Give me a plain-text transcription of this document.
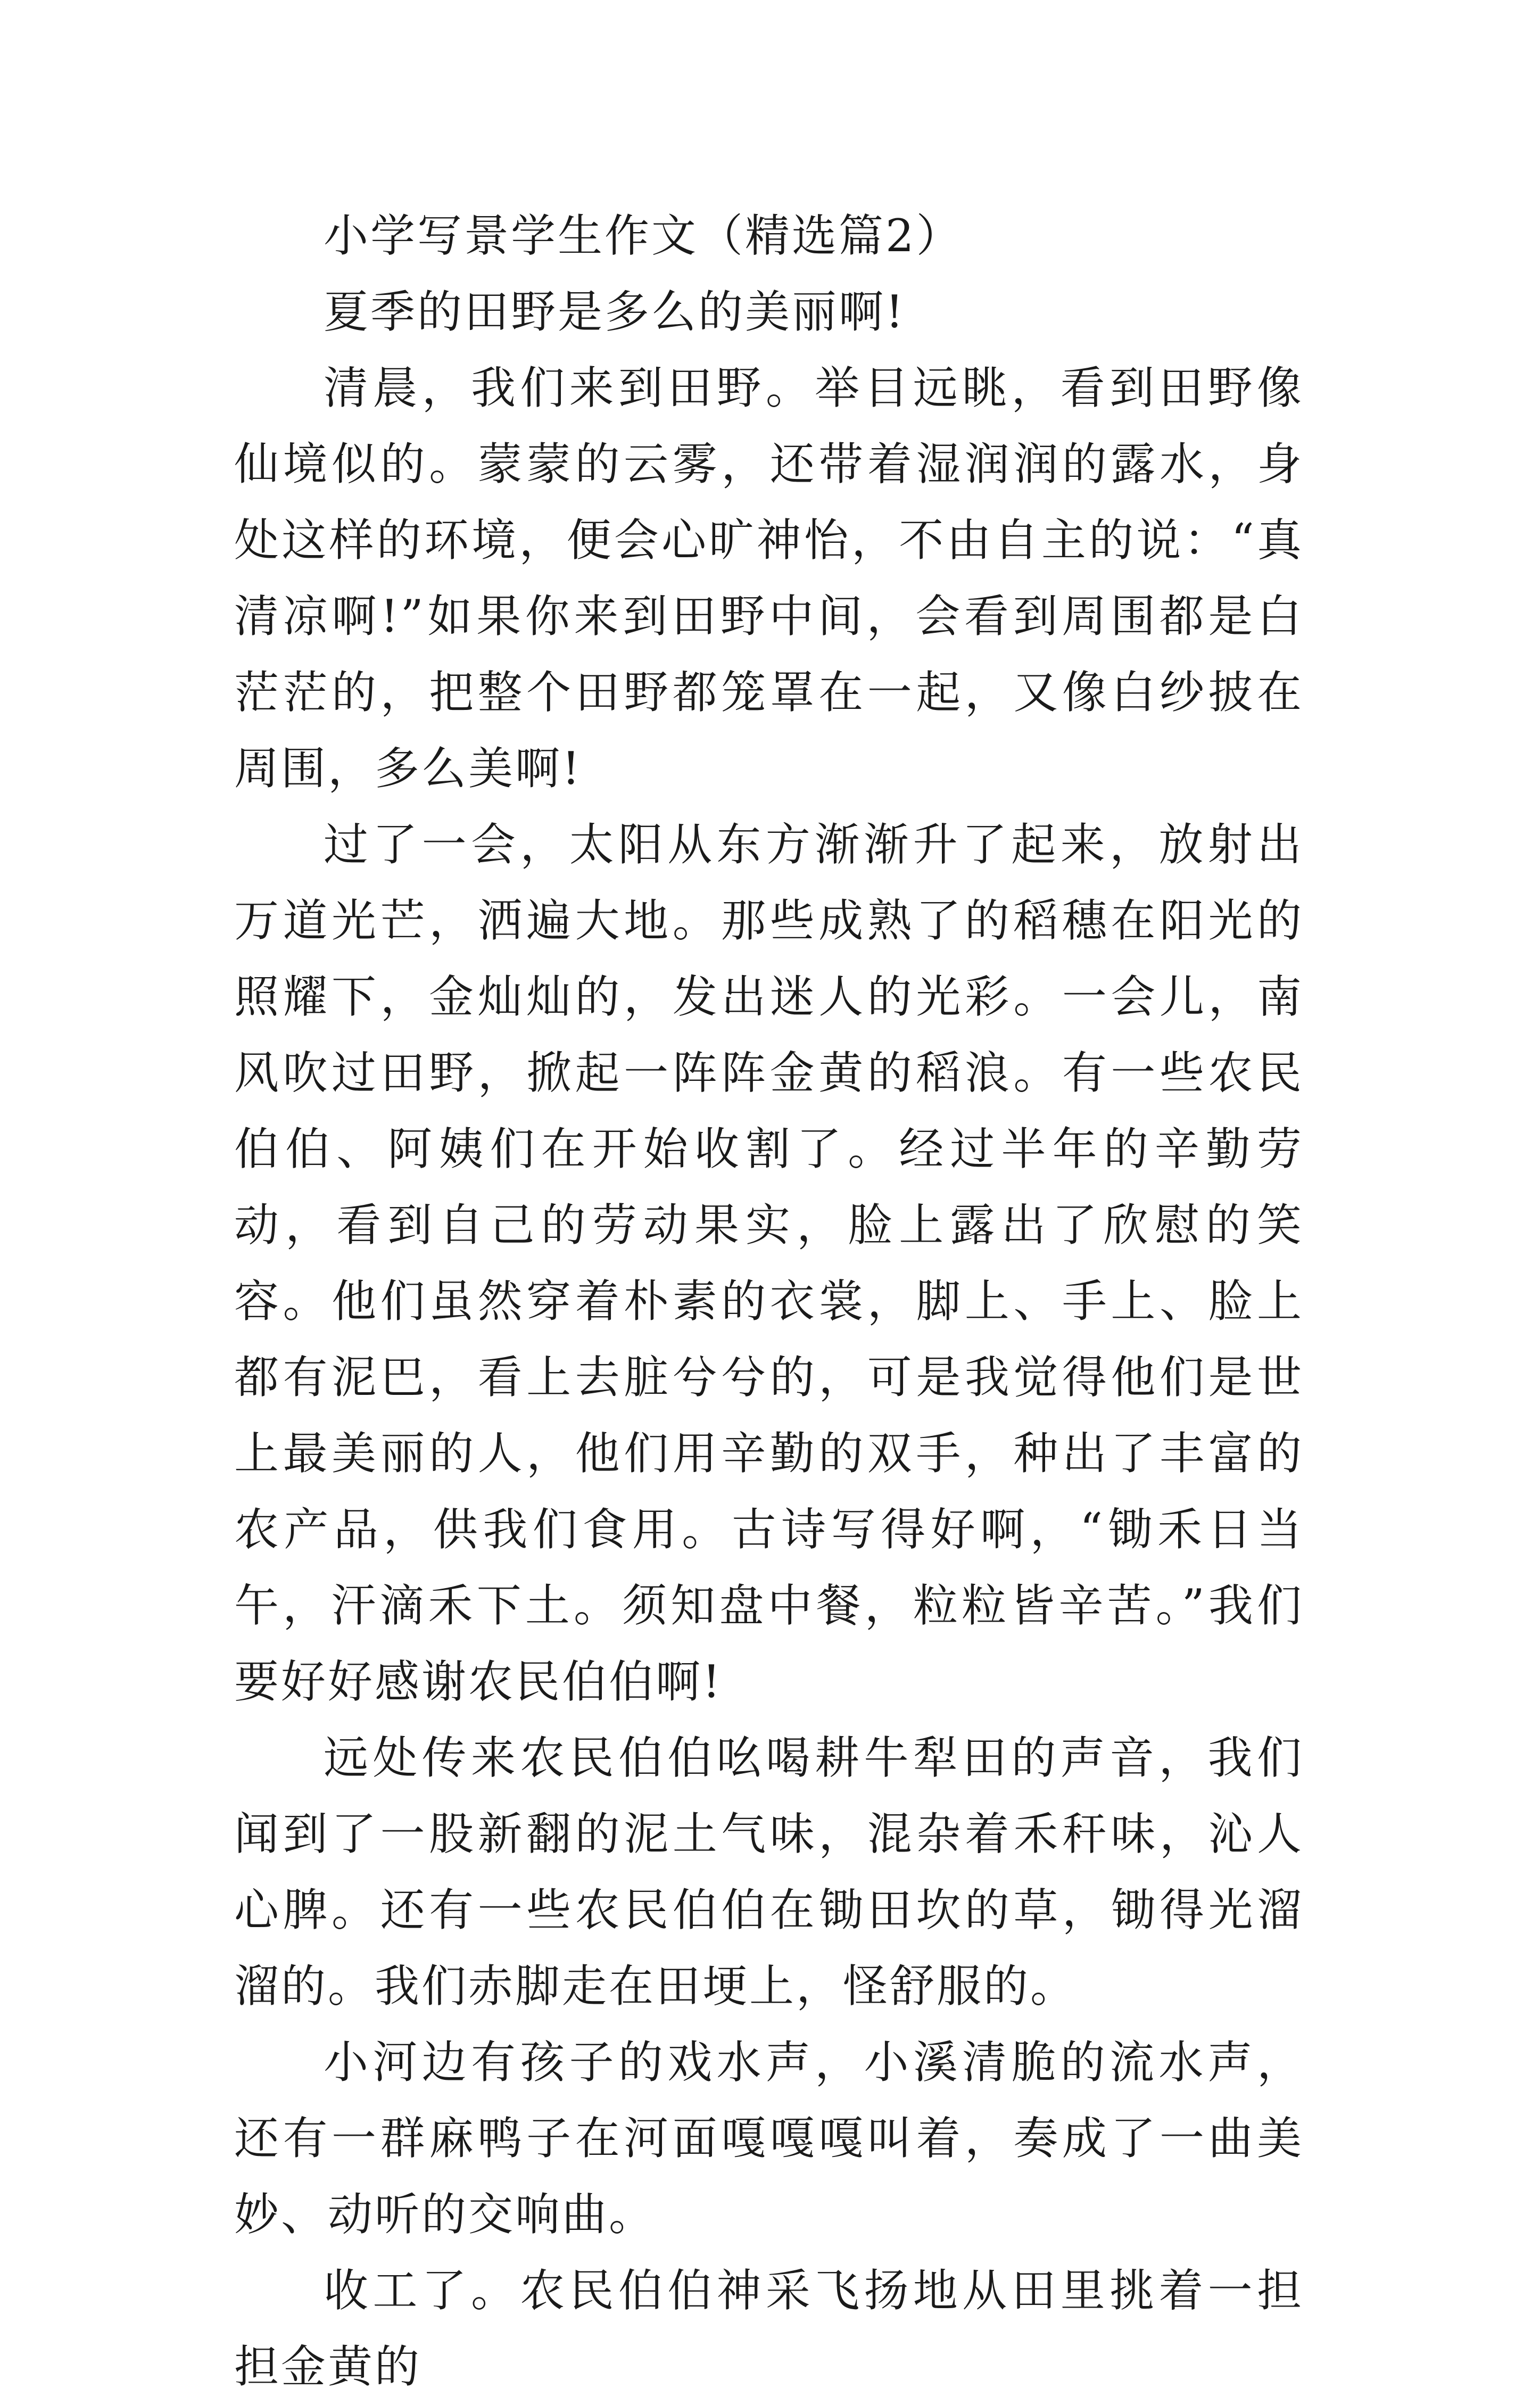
小学写景学生作文（精选篇2）

夏季的田野是多么的美丽啊!

清晨，我们来到田野。举目远眺，看到田野像仙境似的。蒙蒙的云雾，还带着湿润润的露水，身处这样的环境，便会心旷神怡，不由自主的说：“真清凉啊!”如果你来到田野中间，会看到周围都是白茫茫的，把整个田野都笼罩在一起，又像白纱披在周围，多么美啊!

过了一会，太阳从东方渐渐升了起来，放射出万道光芒，洒遍大地。那些成熟了的稻穗在阳光的照耀下，金灿灿的，发出迷人的光彩。一会儿，南风吹过田野，掀起一阵阵金黄的稻浪。有一些农民伯伯、阿姨们在开始收割了。经过半年的辛勤劳动，看到自己的劳动果实，脸上露出了欣慰的笑容。他们虽然穿着朴素的衣裳，脚上、手上、脸上都有泥巴，看上去脏兮兮的，可是我觉得他们是世上最美丽的人，他们用辛勤的双手，种出了丰富的农产品，供我们食用。古诗写得好啊，“锄禾日当午，汗滴禾下土。须知盘中餐，粒粒皆辛苦。”我们要好好感谢农民伯伯啊!

远处传来农民伯伯吆喝耕牛犁田的声音，我们闻到了一股新翻的泥土气味，混杂着禾秆味，沁人心脾。还有一些农民伯伯在锄田坎的草，锄得光溜溜的。我们赤脚走在田埂上，怪舒服的。

小河边有孩子的戏水声，小溪清脆的流水声，还有一群麻鸭子在河面嘎嘎嘎叫着，奏成了一曲美妙、动听的交响曲。

收工了。农民伯伯神采飞扬地从田里挑着一担担金黄的
